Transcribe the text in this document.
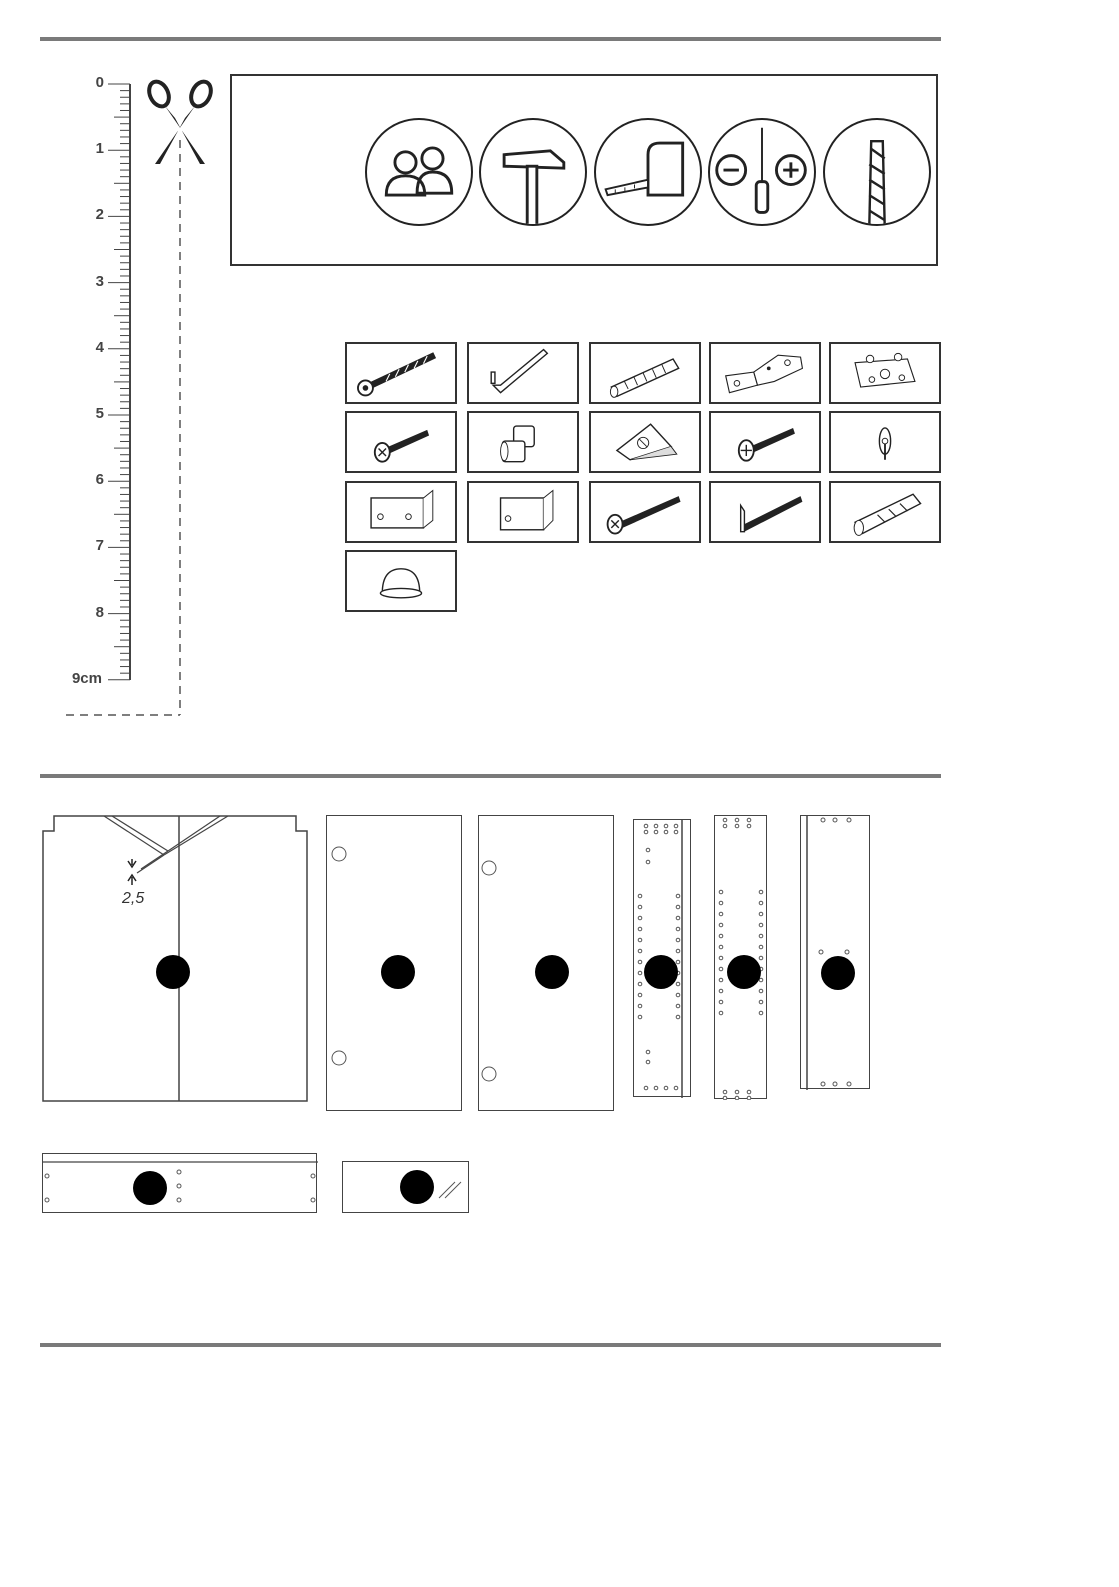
0
1
2
3
4
5
6
7
8
9cm
2,5
